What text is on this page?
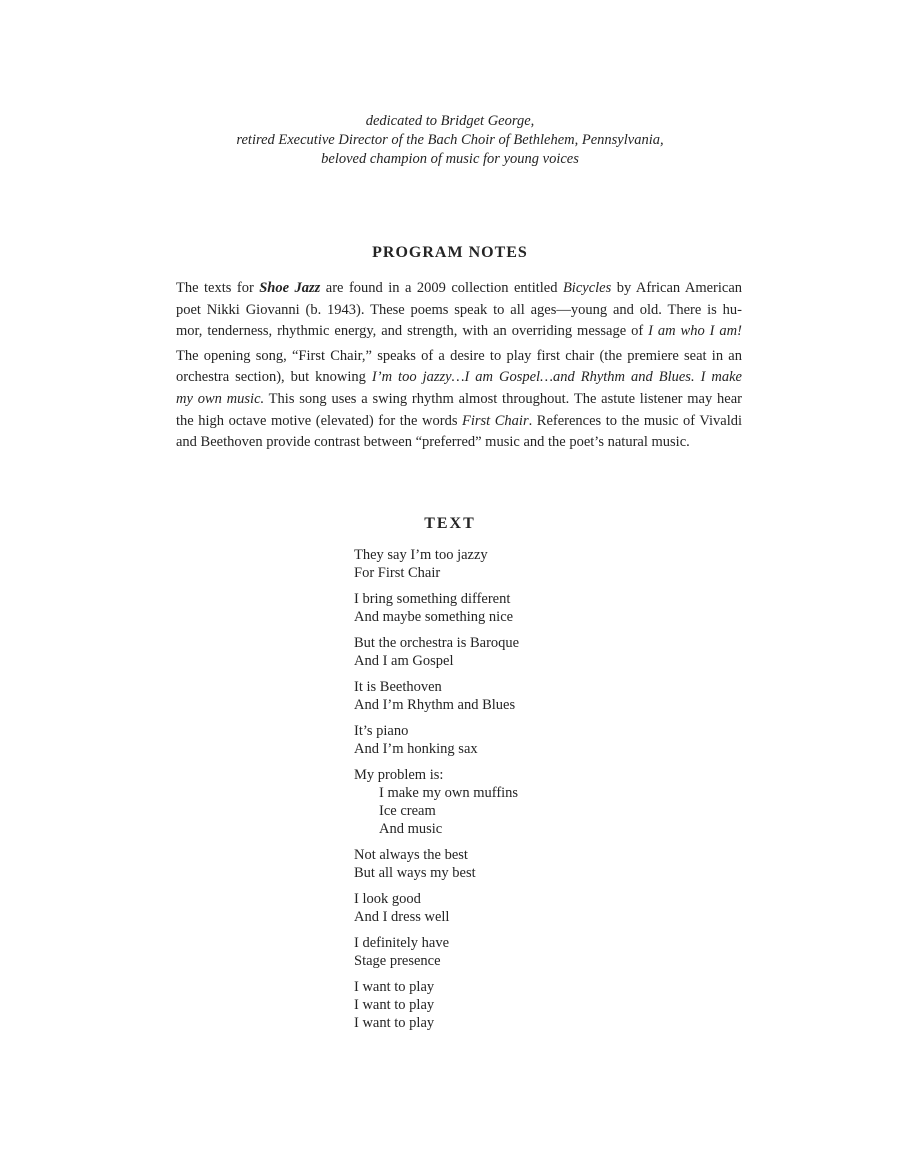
dedicated to Bridget George,
retired Executive Director of the Bach Choir of Bethlehem, Pennsylvania,
beloved champion of music for young voices
PROGRAM NOTES
The texts for Shoe Jazz are found in a 2009 collection entitled Bicycles by African American
poet Nikki Giovanni (b. 1943). These poems speak to all ages—young and old. There is hu-
mor, tenderness, rhythmic energy, and strength, with an overriding message of I am who I am!
The opening song, “First Chair,” speaks of a desire to play first chair (the premiere seat in an
orchestra section), but knowing I’m too jazzy…I am Gospel…and Rhythm and Blues. I make
my own music. This song uses a swing rhythm almost throughout. The astute listener may hear
the high octave motive (elevated) for the words First Chair. References to the music of Vivaldi
and Beethoven provide contrast between “preferred” music and the poet’s natural music.
TEXT
They say I’m too jazzy
For First Chair
I bring something different
And maybe something nice
But the orchestra is Baroque
And I am Gospel
It is Beethoven
And I’m Rhythm and Blues
It’s piano
And I’m honking sax
My problem is:
I make my own muffins
Ice cream
And music
Not always the best
But all ways my best
I look good
And I dress well
I definitely have
Stage presence
I want to play
I want to play
I want to play
